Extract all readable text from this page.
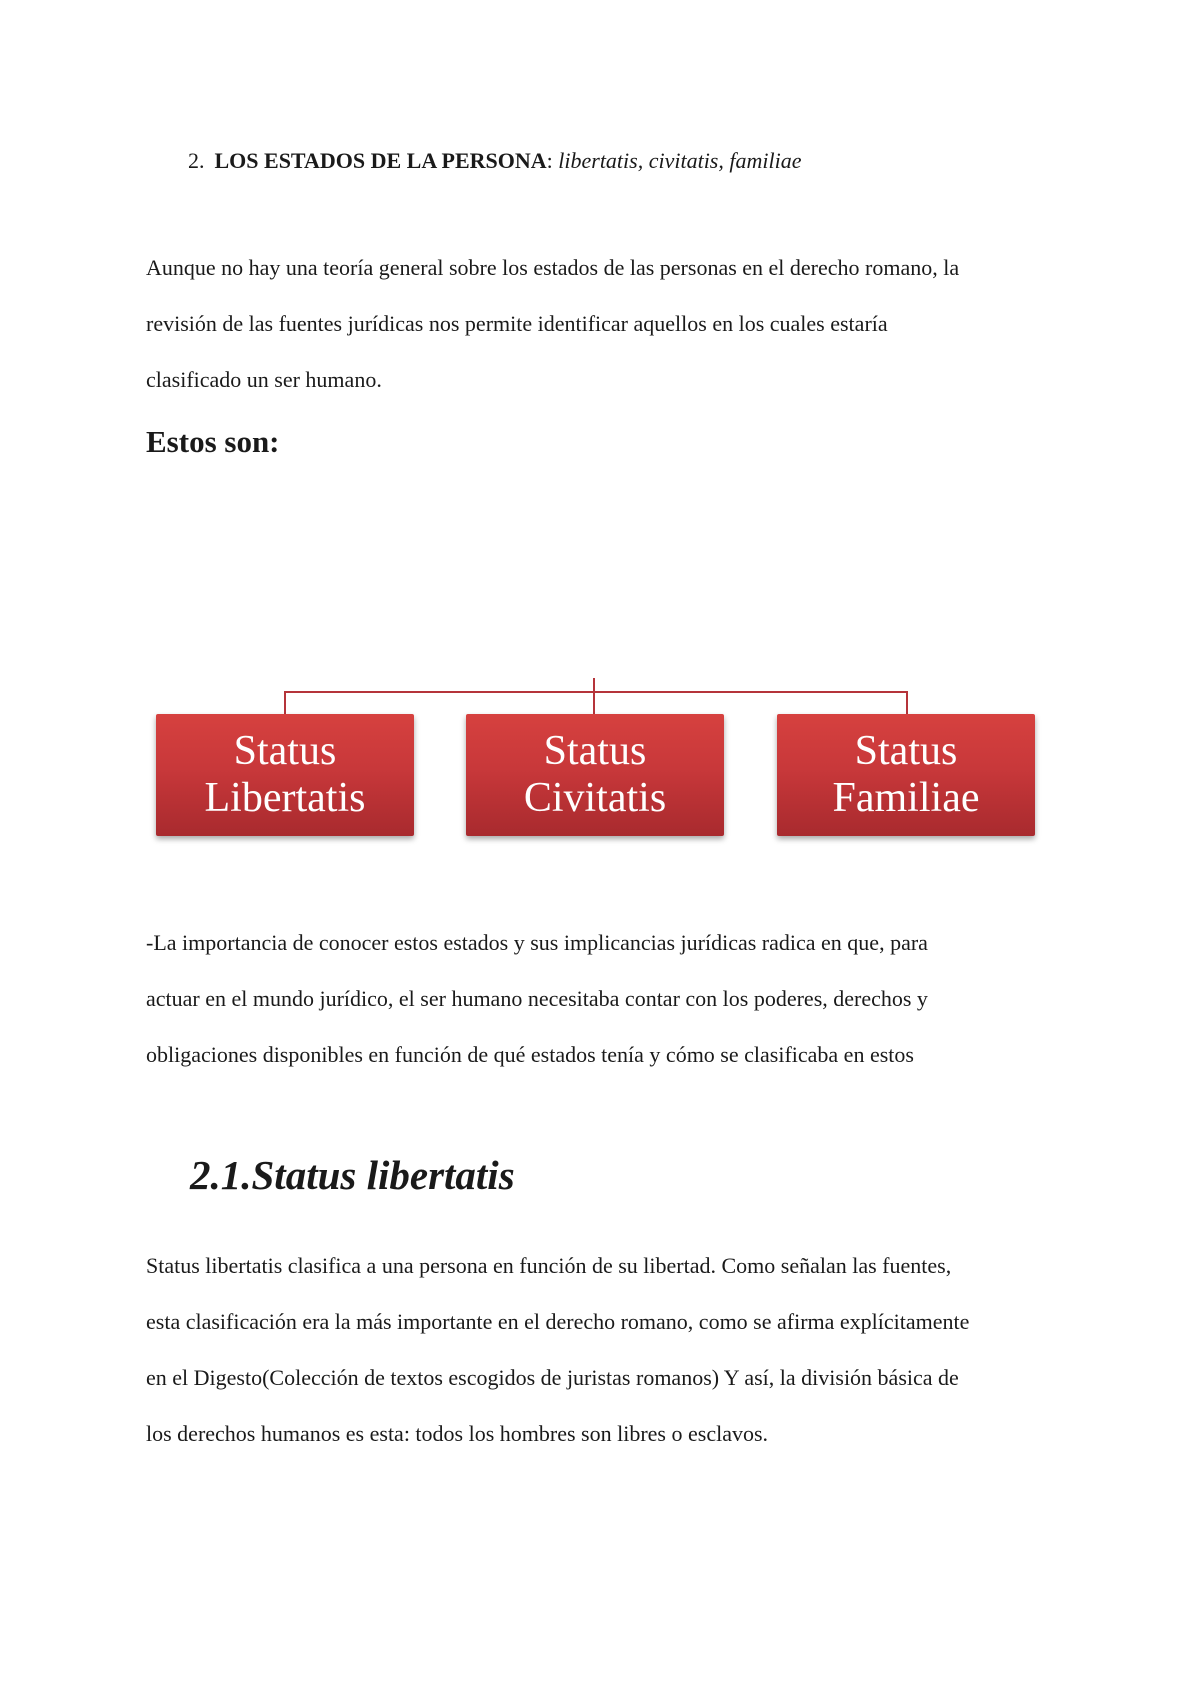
2. LOS ESTADOS DE LA PERSONA: libertatis, civitatis, familiae

Aunque no hay una teoría general sobre los estados de las personas en el derecho romano, la
revisión de las fuentes jurídicas nos permite identificar aquellos en los cuales estaría
clasificado un ser humano.

Estos son:
Status
Libertatis
Status
Civitatis
Status
Familiae

-La importancia de conocer estos estados y sus implicancias jurídicas radica en que, para
actuar en el mundo jurídico, el ser humano necesitaba contar con los poderes, derechos y
obligaciones disponibles en función de qué estados tenía y cómo se clasificaba en estos

2.1.Status libertatis

Status libertatis clasifica a una persona en función de su libertad. Como señalan las fuentes,
esta clasificación era la más importante en el derecho romano, como se afirma explícitamente
en el Digesto(Colección de textos escogidos de juristas romanos) Y así, la división básica de
los derechos humanos es esta: todos los hombres son libres o esclavos.
